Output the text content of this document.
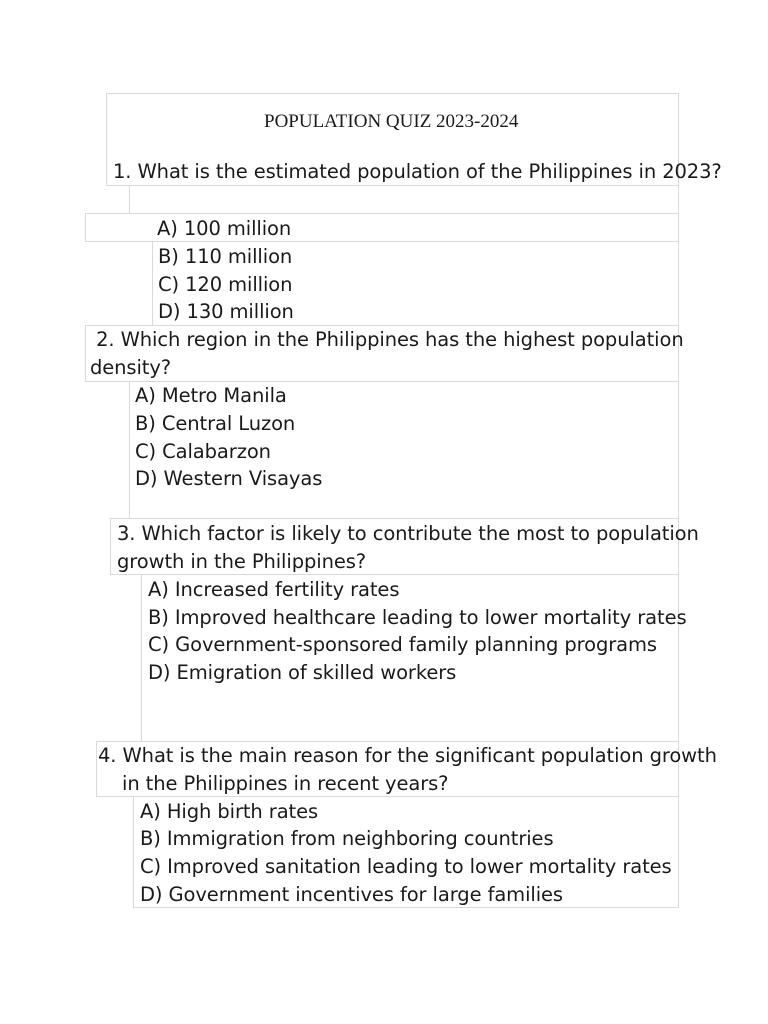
POPULATION QUIZ 2023-2024
1. What is the estimated population of the Philippines in 2023?
A) 100 million
B) 110 million
C) 120 million
D) 130 million
2. Which region in the Philippines has the highest population
density?
A) Metro Manila
B) Central Luzon
C) Calabarzon
D) Western Visayas
3. Which factor is likely to contribute the most to population
growth in the Philippines?
A) Increased fertility rates
B) Improved healthcare leading to lower mortality rates
C) Government-sponsored family planning programs
D) Emigration of skilled workers
4. What is the main reason for the significant population growth
in the Philippines in recent years?
A) High birth rates
B) Immigration from neighboring countries
C) Improved sanitation leading to lower mortality rates
D) Government incentives for large families
